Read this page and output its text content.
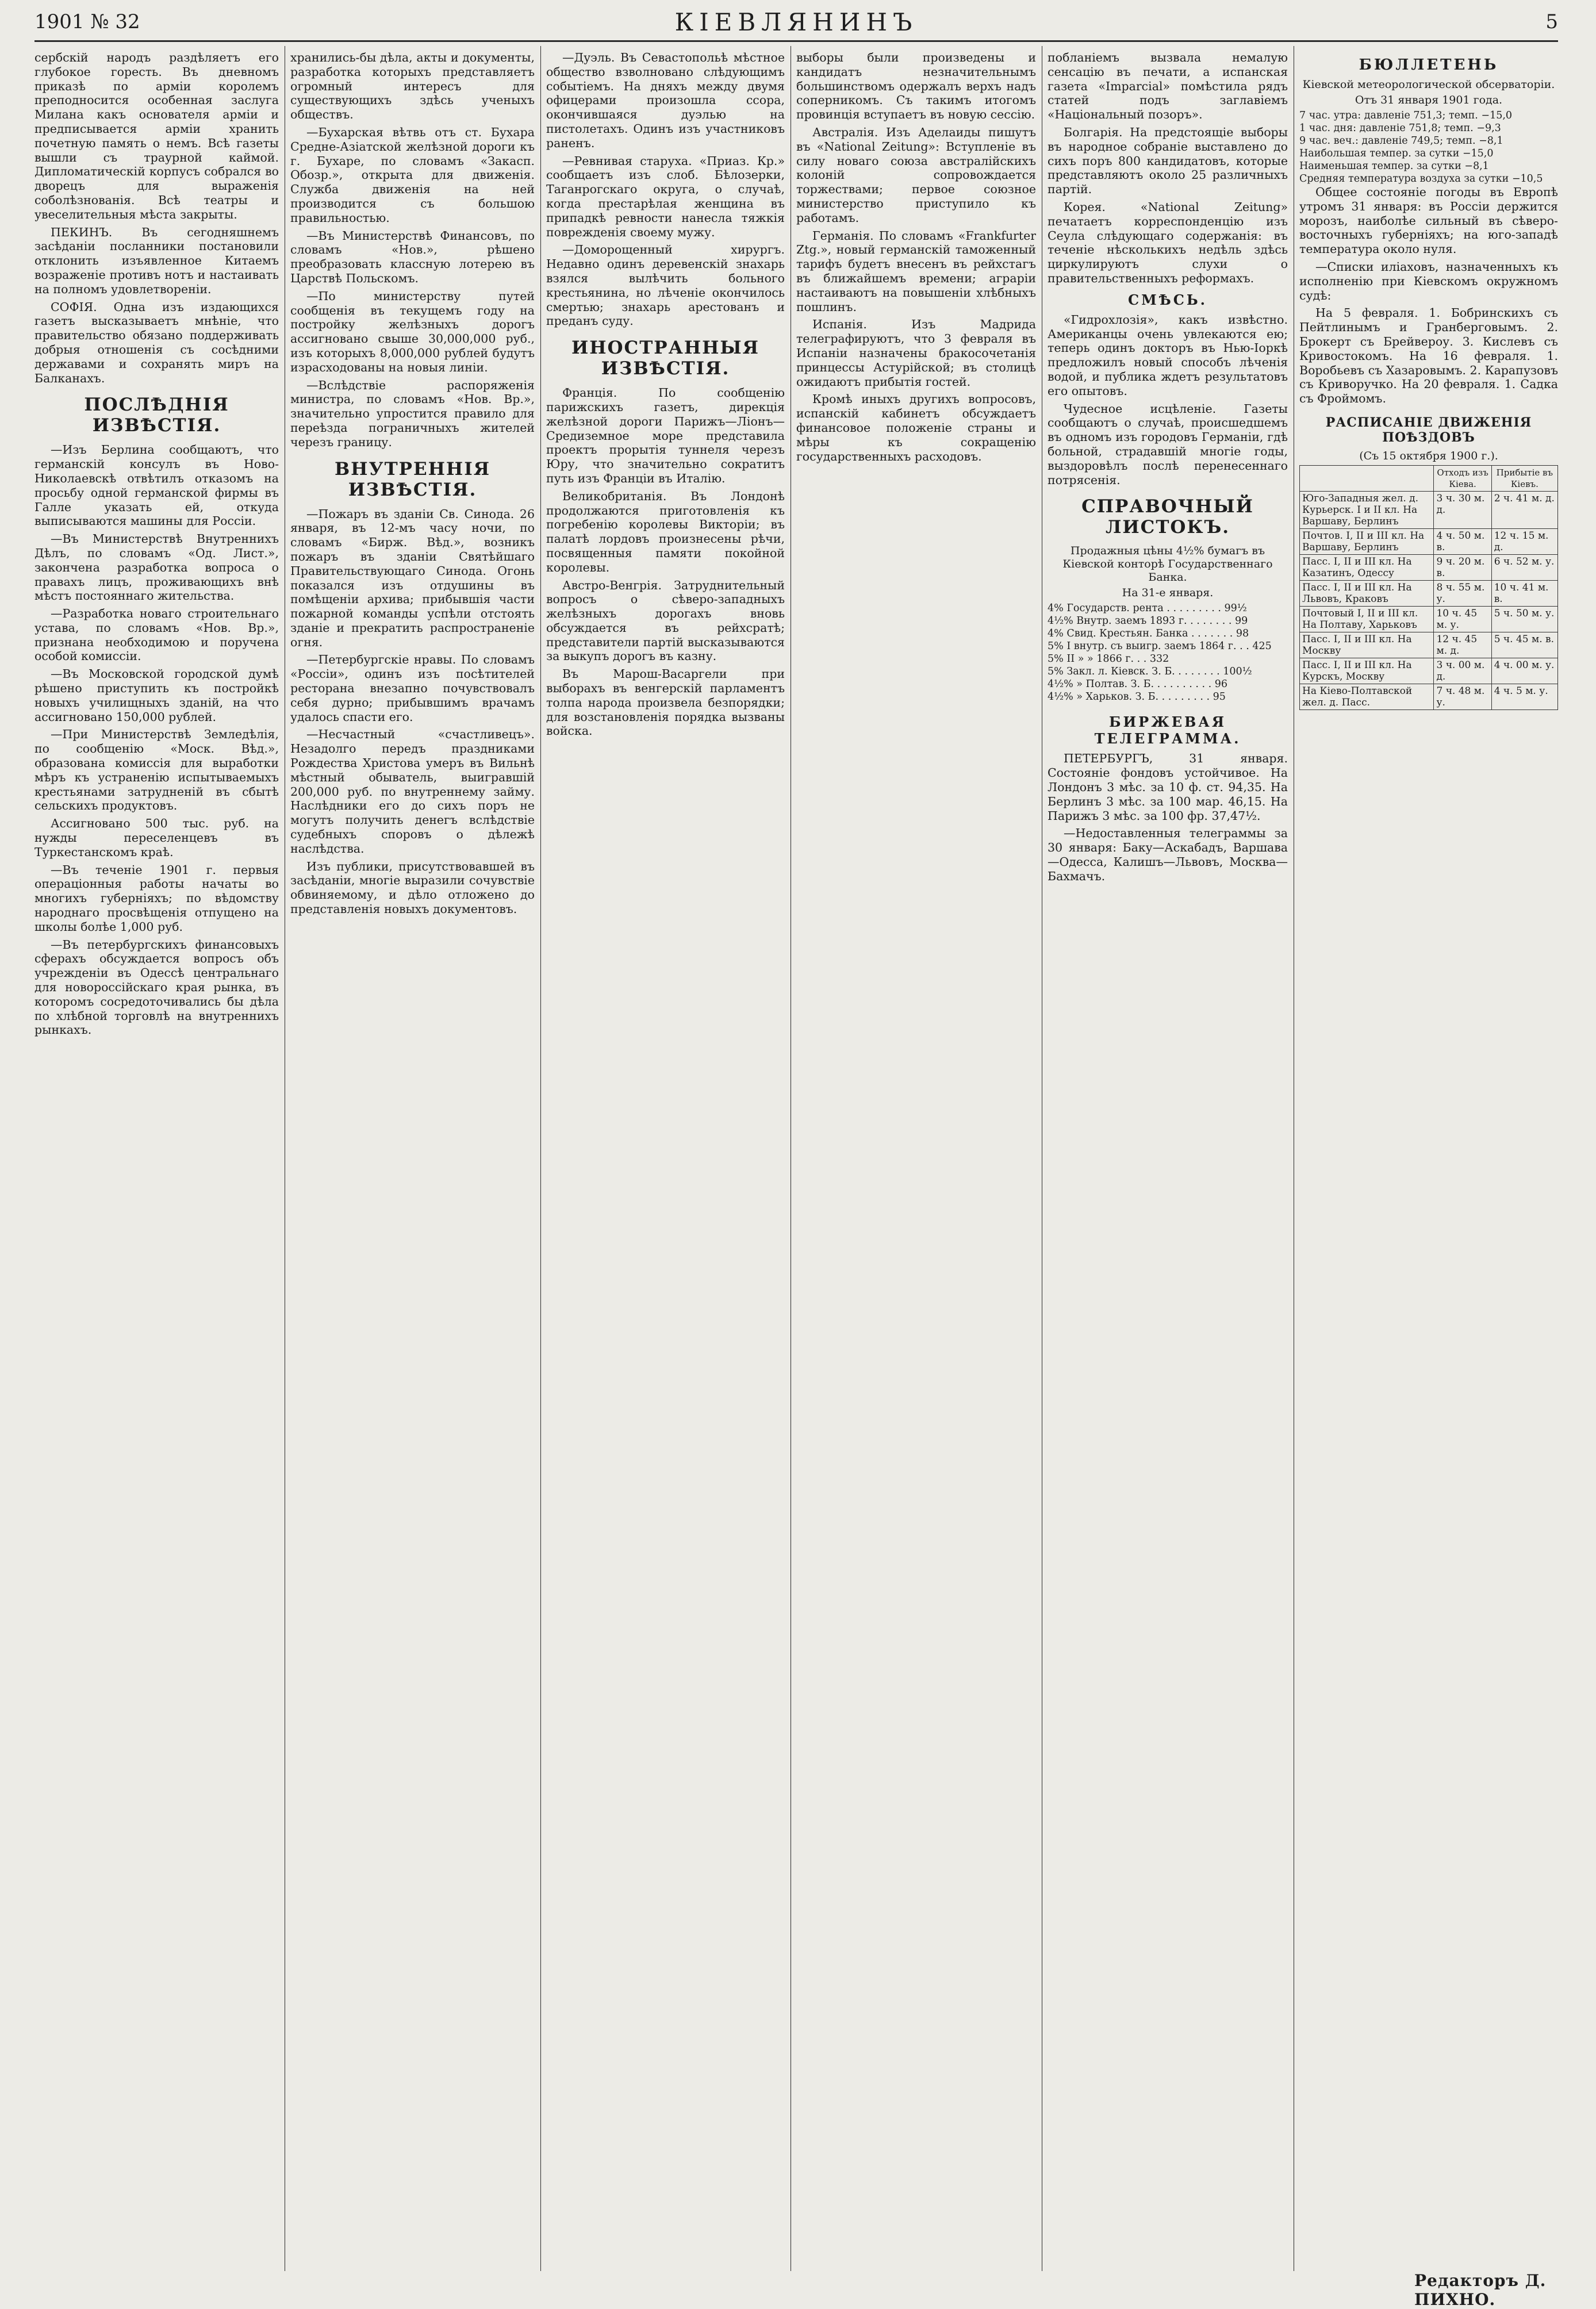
1901 № 32	КІЕВЛЯНИНЪ	5

сербскій народъ раздѣляетъ его глубокое горесть. Въ дневномъ приказѣ по арміи королемъ преподносится особенная заслуга Милана какъ основателя арміи и предписывается арміи хранить почетную память о немъ. Всѣ газеты вышли съ траурной каймой. Дипломатическій корпусъ собрался во дворецъ для выраженія соболѣзнованія. Всѣ театры и увеселительныя мѣста закрыты.

ПЕКИНЪ. Въ сегодняшнемъ засѣданіи посланники постановили отклонить изъявленное Китаемъ возраженіе противъ нотъ и настаивать на полномъ удовлетвореніи.

СОФІЯ. Одна изъ издающихся газетъ высказываетъ мнѣніе, что правительство обязано поддерживать добрыя отношенія съ сосѣдними державами и сохранять миръ на Балканахъ.

ПОСЛѢДНІЯ ИЗВѢСТІЯ.

—Изъ Берлина сообщаютъ, что германскій консулъ въ Ново-Николаевскѣ отвѣтилъ отказомъ на просьбу одной германской фирмы въ Галле указать ей, откуда выписываются машины для Россіи.

—Въ Министерствѣ Внутреннихъ Дѣлъ, по словамъ «Од. Лист.», закончена разработка вопроса о правахъ лицъ, проживающихъ внѣ мѣстъ постояннаго жительства.

—Разработка новаго строительнаго устава, по словамъ «Нов. Вр.», признана необходимою и поручена особой комиссіи.

—Въ Московской городской думѣ рѣшено приступить къ постройкѣ новыхъ училищныхъ зданій, на что ассигновано 150,000 рублей.

—При Министерствѣ Земледѣлія, по сообщенію «Моск. Вѣд.», образована комиссія для выработки мѣръ къ устраненію испытываемыхъ крестьянами затрудненій въ сбытѣ сельскихъ продуктовъ.

Ассигновано 500 тыс. руб. на нужды переселенцевъ въ Туркестанскомъ краѣ.

—Въ теченіе 1901 г. первыя операціонныя работы начаты во многихъ губерніяхъ; по вѣдомству народнаго просвѣщенія отпущено на школы болѣе 1,000 руб.

—Въ петербургскихъ финансовыхъ сферахъ обсуждается вопросъ объ учрежденіи въ Одессѣ центральнаго для новороссійскаго края рынка, въ которомъ сосредоточивались бы дѣла по хлѣбной торговлѣ на внутреннихъ рынкахъ.

хранились-бы дѣла, акты и документы, разработка которыхъ представляетъ огромный интересъ для существующихъ здѣсь ученыхъ обществъ.

—Бухарская вѣтвь отъ ст. Бухара Средне-Азіатской желѣзной дороги къ г. Бухаре, по словамъ «Закасп. Обозр.», открыта для движенія. Служба движенія на ней производится съ большою правильностью.

—Въ Министерствѣ Финансовъ, по словамъ «Нов.», рѣшено преобразовать классную лотерею въ Царствѣ Польскомъ.

—По министерству путей сообщенія въ текущемъ году на постройку желѣзныхъ дорогъ ассигновано свыше 30,000,000 руб., изъ которыхъ 8,000,000 рублей будутъ израсходованы на новыя линіи.

—Вслѣдствіе распоряженія министра, по словамъ «Нов. Вр.», значительно упростится правило для переѣзда пограничныхъ жителей черезъ границу.

ВНУТРЕННІЯ ИЗВѢСТІЯ.

—Пожаръ въ зданіи Св. Синода. 26 января, въ 12-мъ часу ночи, по словамъ «Бирж. Вѣд.», возникъ пожаръ въ зданіи Святѣйшаго Правительствующаго Синода. Огонь показался изъ отдушины въ помѣщеніи архива; прибывшія части пожарной команды успѣли отстоять зданіе и прекратить распространеніе огня.

—Петербургскіе нравы. По словамъ «Россіи», одинъ изъ посѣтителей ресторана внезапно почувствовалъ себя дурно; прибывшимъ врачамъ удалось спасти его.

—Несчастный «счастливецъ». Незадолго передъ праздниками Рождества Христова умеръ въ Вильнѣ мѣстный обыватель, выигравшій 200,000 руб. по внутреннему займу. Наслѣдники его до сихъ поръ не могутъ получить денегъ вслѣдствіе судебныхъ споровъ о дѣлежѣ наслѣдства.

Изъ публики, присутствовавшей въ засѣданіи, многіе выразили сочувствіе обвиняемому, и дѣло отложено до представленія новыхъ документовъ.

—Дуэль. Въ Севастопольѣ мѣстное общество взволновано слѣдующимъ событіемъ. На дняхъ между двумя офицерами произошла ссора, окончившаяся дуэлью на пистолетахъ. Одинъ изъ участниковъ раненъ.

—Ревнивая старуха. «Приаз. Кр.» сообщаетъ изъ слоб. Бѣлозерки, Таганрогскаго округа, о случаѣ, когда престарѣлая женщина въ припадкѣ ревности нанесла тяжкія поврежденія своему мужу.

—Доморощенный хирургъ. Недавно одинъ деревенскій знахарь взялся вылѣчить больного крестьянина, но лѣченіе окончилось смертью; знахарь арестованъ и преданъ суду.

ИНОСТРАННЫЯ ИЗВѢСТІЯ.

Франція. По сообщенію парижскихъ газетъ, дирекція желѣзной дороги Парижъ—Ліонъ—Средиземное море представила проектъ прорытія туннеля черезъ Юру, что значительно сократитъ путь изъ Франціи въ Италію.

Великобританія. Въ Лондонѣ продолжаются приготовленія къ погребенію королевы Викторіи; въ палатѣ лордовъ произнесены рѣчи, посвященныя памяти покойной королевы.

Австро-Венгрія. Затруднительный вопросъ о сѣверо-западныхъ желѣзныхъ дорогахъ вновь обсуждается въ рейхсратѣ; представители партій высказываются за выкупъ дорогъ въ казну.

Въ Марош-Васаргели при выборахъ въ венгерскій парламентъ толпа народа произвела безпорядки; для возстановленія порядка вызваны войска.

выборы были произведены и кандидатъ незначительнымъ большинствомъ одержалъ верхъ надъ соперникомъ. Съ такимъ итогомъ провинція вступаетъ въ новую сессію.

Австралія. Изъ Аделаиды пишутъ въ «National Zeitung»: Вступленіе въ силу новаго союза австралійскихъ колоній сопровождается торжествами; первое союзное министерство приступило къ работамъ.

Германія. По словамъ «Frankfurter Ztg.», новый германскій таможенный тарифъ будетъ внесенъ въ рейхстагъ въ ближайшемъ времени; аграріи настаиваютъ на повышеніи хлѣбныхъ пошлинъ.

Испанія. Изъ Мадрида телеграфируютъ, что 3 февраля въ Испаніи назначены бракосочетанія принцессы Астурійской; въ столицѣ ожидаютъ прибытія гостей.

Кромѣ иныхъ другихъ вопросовъ, испанскій кабинетъ обсуждаетъ финансовое положеніе страны и мѣры къ сокращенію государственныхъ расходовъ.

побланіемъ вызвала немалую сенсацію въ печати, а испанская газета «Imparcial» помѣстила рядъ статей подъ заглавіемъ «Національный позоръ».

Болгарія. На предстоящіе выборы въ народное собраніе выставлено до сихъ поръ 800 кандидатовъ, которые представляютъ около 25 различныхъ партій.

Корея. «National Zeitung» печатаетъ корреспонденцію изъ Сеула слѣдующаго содержанія: въ теченіе нѣсколькихъ недѣль здѣсь циркулируютъ слухи о правительственныхъ реформахъ.

СМѢСЬ.

«Гидрохлозія», какъ извѣстно. Американцы очень увлекаются ею; теперь одинъ докторъ въ Нью-Іоркѣ предложилъ новый способъ лѣченія водой, и публика ждетъ результатовъ его опытовъ.

Чудесное исцѣленіе. Газеты сообщаютъ о случаѣ, происшедшемъ въ одномъ изъ городовъ Германіи, гдѣ больной, страдавшій многіе годы, выздоровѣлъ послѣ перенесеннаго потрясенія.

СПРАВОЧНЫЙ ЛИСТОКЪ.
Продажныя цѣны 4½% бумагъ въ Кіевской конторѣ Государственнаго Банка.
На 31-е января.

4% Государств. рента . . . . . . . . . 99½

4½% Внутр. заемъ 1893 г. . . . . . . . 99

4% Свид. Крестьян. Банка . . . . . . . 98

5% I внутр. съ выигр. заемъ 1864 г. . . 425

5% II » » 1866 г. . . 332

5% Закл. л. Кіевск. З. Б. . . . . . . . 100½

4½% » Полтав. З. Б. . . . . . . . . . 96

4½% » Харьков. З. Б. . . . . . . . . 95

БИРЖЕВАЯ ТЕЛЕГРАММА.

ПЕТЕРБУРГЪ, 31 января. Состояніе фондовъ устойчивое. На Лондонъ 3 мѣс. за 10 ф. ст. 94,35. На Берлинъ 3 мѣс. за 100 мар. 46,15. На Парижъ 3 мѣс. за 100 фр. 37,47½.

—Недоставленныя телеграммы за 30 января: Баку—Аскабадъ, Варшава—Одесса, Калишъ—Львовъ, Москва—Бахмачъ.

БЮЛЛЕТЕНЬ
Кіевской метеорологической обсерваторіи.
Отъ 31 января 1901 года.

7 час. утра: давленіе 751,3; темп. −15,0

1 час. дня: давленіе 751,8; темп. −9,3

9 час. веч.: давленіе 749,5; темп. −8,1

Наибольшая темпер. за сутки −15,0

Наименьшая темпер. за сутки −8,1

Средняя температура воздуха за сутки −10,5

Общее состояніе погоды въ Европѣ утромъ 31 января: въ Россіи держится морозъ, наиболѣе сильный въ сѣверо-восточныхъ губерніяхъ; на юго-западѣ температура около нуля.

—Списки иліаховъ, назначенныхъ къ исполненію при Кіевскомъ окружномъ судѣ:

На 5 февраля. 1. Бобринскихъ съ Пейтлинымъ и Гранберговымъ. 2. Брокерт съ Брейвероу. 3. Кислевъ съ Кривостокомъ. На 16 февраля. 1. Воробьевъ съ Хазаровымъ. 2. Карапузовъ съ Криворучко. На 20 февраля. 1. Садка съ Фроймомъ.

РАСПИСАНІЕ ДВИЖЕНІЯ ПОѢЗДОВЪ
(Съ 15 октября 1900 г.).
	Отходъ изъ Кіева.	Прибытіе въ Кіевъ.
Юго-Западныя жел. д. Курьерск. I и II кл. На Варшаву, Берлинъ	3 ч. 30 м. д.	2 ч. 41 м. д.
Почтов. I, II и III кл. На Варшаву, Берлинъ	4 ч. 50 м. в.	12 ч. 15 м. д.
Пасс. I, II и III кл. На Казатинъ, Одессу	9 ч. 20 м. в.	6 ч. 52 м. у.
Пасс. I, II и III кл. На Львовъ, Краковъ	8 ч. 55 м. у.	10 ч. 41 м. в.
Почтовый I, II и III кл. На Полтаву, Харьковъ	10 ч. 45 м. у.	5 ч. 50 м. у.
Пасс. I, II и III кл. На Москву	12 ч. 45 м. д.	5 ч. 45 м. в.
Пасс. I, II и III кл. На Курскъ, Москву	3 ч. 00 м. д.	4 ч. 00 м. у.
На Кіево-Полтавской жел. д. Пасс.	7 ч. 48 м. у.	4 ч. 5 м. у.
Редакторъ Д. ПИХНО.
